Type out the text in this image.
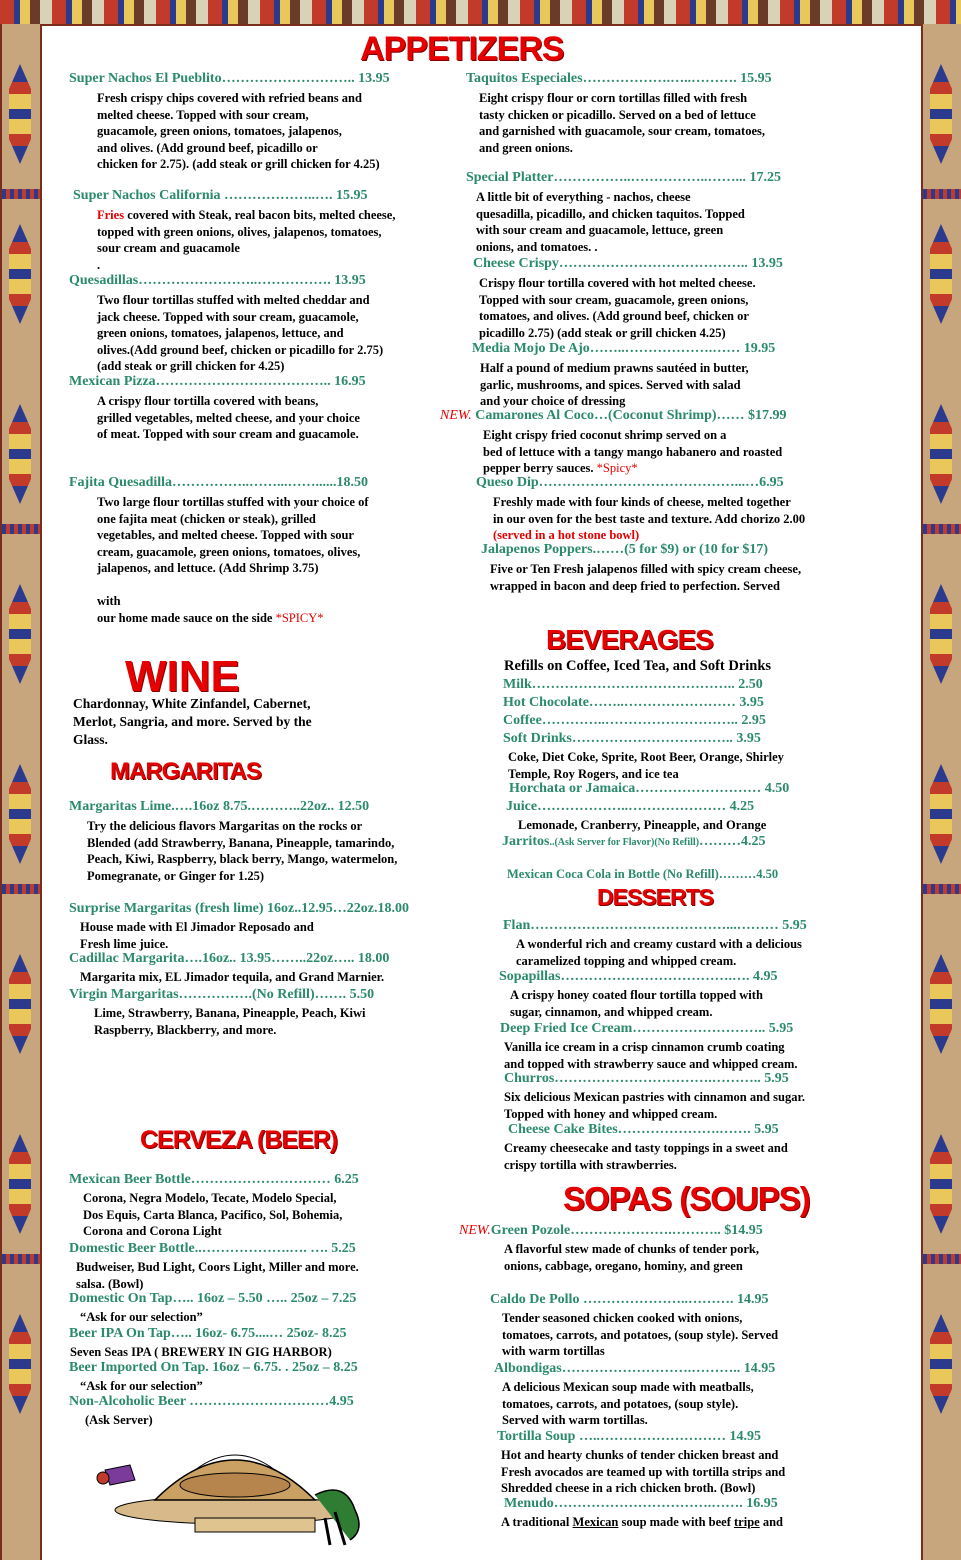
APPETIZERS
BEVERAGES
WINE
MARGARITAS
DESSERTS
CERVEZA (BEER)
SOPAS (SOUPS)
Super Nachos El Pueblito……………………….. 13.95
Fresh crispy chips covered with refried beans and
melted cheese. Topped with sour cream,
guacamole, green onions, tomatoes, jalapenos,
and olives. (Add ground beef, picadillo or
chicken for 2.75). (add steak or grill chicken for 4.25)
Super Nachos California ………………..…. 15.95
Fries covered with Steak, real bacon bits, melted cheese,
topped with green onions, olives, jalapenos, tomatoes,
sour cream and guacamole
.
Quesadillas……………………..……………. 13.95
Two flour tortillas stuffed with melted cheddar and
jack cheese. Topped with sour cream, guacamole,
green onions, tomatoes, jalapenos, lettuce, and
olives.(Add ground beef, chicken or picadillo for 2.75)
(add steak or grill chicken for 4.25)
Mexican Pizza……………………………….. 16.95
A crispy flour tortilla covered with beans,
grilled vegetables, melted cheese, and your choice
of meat. Topped with sour cream and guacamole.
Fajita Quesadilla……………..……...……......18.50
Two large flour tortillas stuffed with your choice of
one fajita meat (chicken or steak), grilled
vegetables, and melted cheese. Topped with sour
cream, guacamole, green onions, tomatoes, olives,
jalapenos, and lettuce. (Add Shrimp 3.75)

with
our home made sauce on the side *SPICY*
Taquitos Especiales……………….…..………. 15.95
Eight crispy flour or corn tortillas filled with fresh
tasty chicken or picadillo. Served on a bed of lettuce
and garnished with guacamole, sour cream, tomatoes,
and green onions.
Special Platter……………..……………..……... 17.25
A little bit of everything - nachos, cheese
quesadilla, picadillo, and chicken taquitos. Topped
with sour cream and guacamole, lettuce, green
onions, and tomatoes. .
Cheese Crispy………………………………….. 13.95
Crispy flour tortilla covered with hot melted cheese.
Topped with sour cream, guacamole, green onions,
tomatoes, and olives. (Add ground beef, chicken or
picadillo 2.75) (add steak or grill chicken 4.25)
Media Mojo De Ajo……..……………….…… 19.95
Half a pound of medium prawns sautéed in butter,
garlic, mushrooms, and spices. Served with salad
and your choice of dressing
NEW. Camarones Al Coco…(Coconut Shrimp)…… $17.99
Eight crispy fried coconut shrimp served on a
bed of lettuce with a tangy mango habanero and roasted
pepper berry sauces. *Spicy*
Queso Dip……………………………………...…6.95
Freshly made with four kinds of cheese, melted together
in our oven for the best taste and texture. Add chorizo 2.00
(served in a hot stone bowl)
Jalapenos Poppers.……(5 for $9) or (10 for $17)
Five or Ten Fresh jalapenos filled with spicy cream cheese,
wrapped in bacon and deep fried to perfection. Served
Chardonnay, White Zinfandel, Cabernet,
Merlot, Sangria, and more. Served by the
Glass.
Margaritas Lime.….16oz 8.75.………..22oz.. 12.50
Try the delicious flavors Margaritas on the rocks or
Blended (add Strawberry, Banana, Pineapple, tamarindo,
Peach, Kiwi, Raspberry, black berry, Mango, watermelon,
Pomegranate, or Ginger for 1.25)
Surprise Margaritas (fresh lime) 16oz..12.95…22oz.18.00
House made with El Jimador Reposado and
Fresh lime juice.
Cadillac Margarita….16oz.. 13.95……..22oz….. 18.00
Margarita mix, EL Jimador tequila, and Grand Marnier.
Virgin Margaritas…………….(No Refill)……. 5.50
Lime, Strawberry, Banana, Pineapple, Peach, Kiwi
Raspberry, Blackberry, and more.
Refills on Coffee, Iced Tea, and Soft Drinks
Milk…………………………………….. 2.50
Hot Chocolate……..…………………… 3.95
Coffee…………..……………………….. 2.95
Soft Drinks…………………………….. 3.95
Coke, Diet Coke, Sprite, Root Beer, Orange, Shirley
Temple, Roy Rogers, and ice tea
Horchata or Jamaica……………………… 4.50
Juice………………..………………… 4.25
Lemonade, Cranberry, Pineapple, and Orange
Jarritos..(Ask Server for Flavor)(No Refill)………4.25
Mexican Coca Cola in Bottle (No Refill)………4.50
Flan……………………………………...……… 5.95
A wonderful rich and creamy custard with a delicious
caramelized topping and whipped cream.
Sopapillas……………………………….…. 4.95
A crispy honey coated flour tortilla topped with
sugar, cinnamon, and whipped cream.
Deep Fried Ice Cream……………………….. 5.95
Vanilla ice cream in a crisp cinnamon crumb coating
and topped with strawberry sauce and whipped cream.
Churros…………………………….……….. 5.95
Six delicious Mexican pastries with cinnamon and sugar.
Topped with honey and whipped cream.
Cheese Cake Bites………………….……. 5.95
Creamy cheesecake and tasty toppings in a sweet and
crispy tortilla with strawberries.
Mexican Beer Bottle………………………… 6.25
Corona, Negra Modelo, Tecate, Modelo Special,
Dos Equis, Carta Blanca, Pacifico, Sol, Bohemia,
Corona and Corona Light
Domestic Beer Bottle..……………….…. …. 5.25
Budweiser, Bud Light, Coors Light, Miller and more.
salsa. (Bowl)
Domestic On Tap….. 16oz – 5.50 ….. 25oz – 7.25
“Ask for our selection”
Beer IPA On Tap….. 16oz- 6.75....… 25oz- 8.25
Seven Seas IPA ( BREWERY IN GIG HARBOR)
Beer Imported On Tap. 16oz – 6.75. . 25oz – 8.25
“Ask for our selection”
Non-Alcoholic Beer …………………………4.95
(Ask Server)
NEW.Green Pozole………………….……….. $14.95
A flavorful stew made of chunks of tender pork,
onions, cabbage, oregano, hominy, and green
Caldo De Pollo …………………..………. 14.95
Tender seasoned chicken cooked with onions,
tomatoes, carrots, and potatoes, (soup style). Served
with warm tortillas
Albondigas……………………….……….. 14.95
A delicious Mexican soup made with meatballs,
tomatoes, carrots, and potatoes, (soup style).
Served with warm tortillas.
Tortilla Soup …..……………………… 14.95
Hot and hearty chunks of tender chicken breast and
Fresh avocados are teamed up with tortilla strips and
Shredded cheese in a rich chicken broth. (Bowl)
Menudo…………………………….……. 16.95
A traditional Mexican soup made with beef tripe and
